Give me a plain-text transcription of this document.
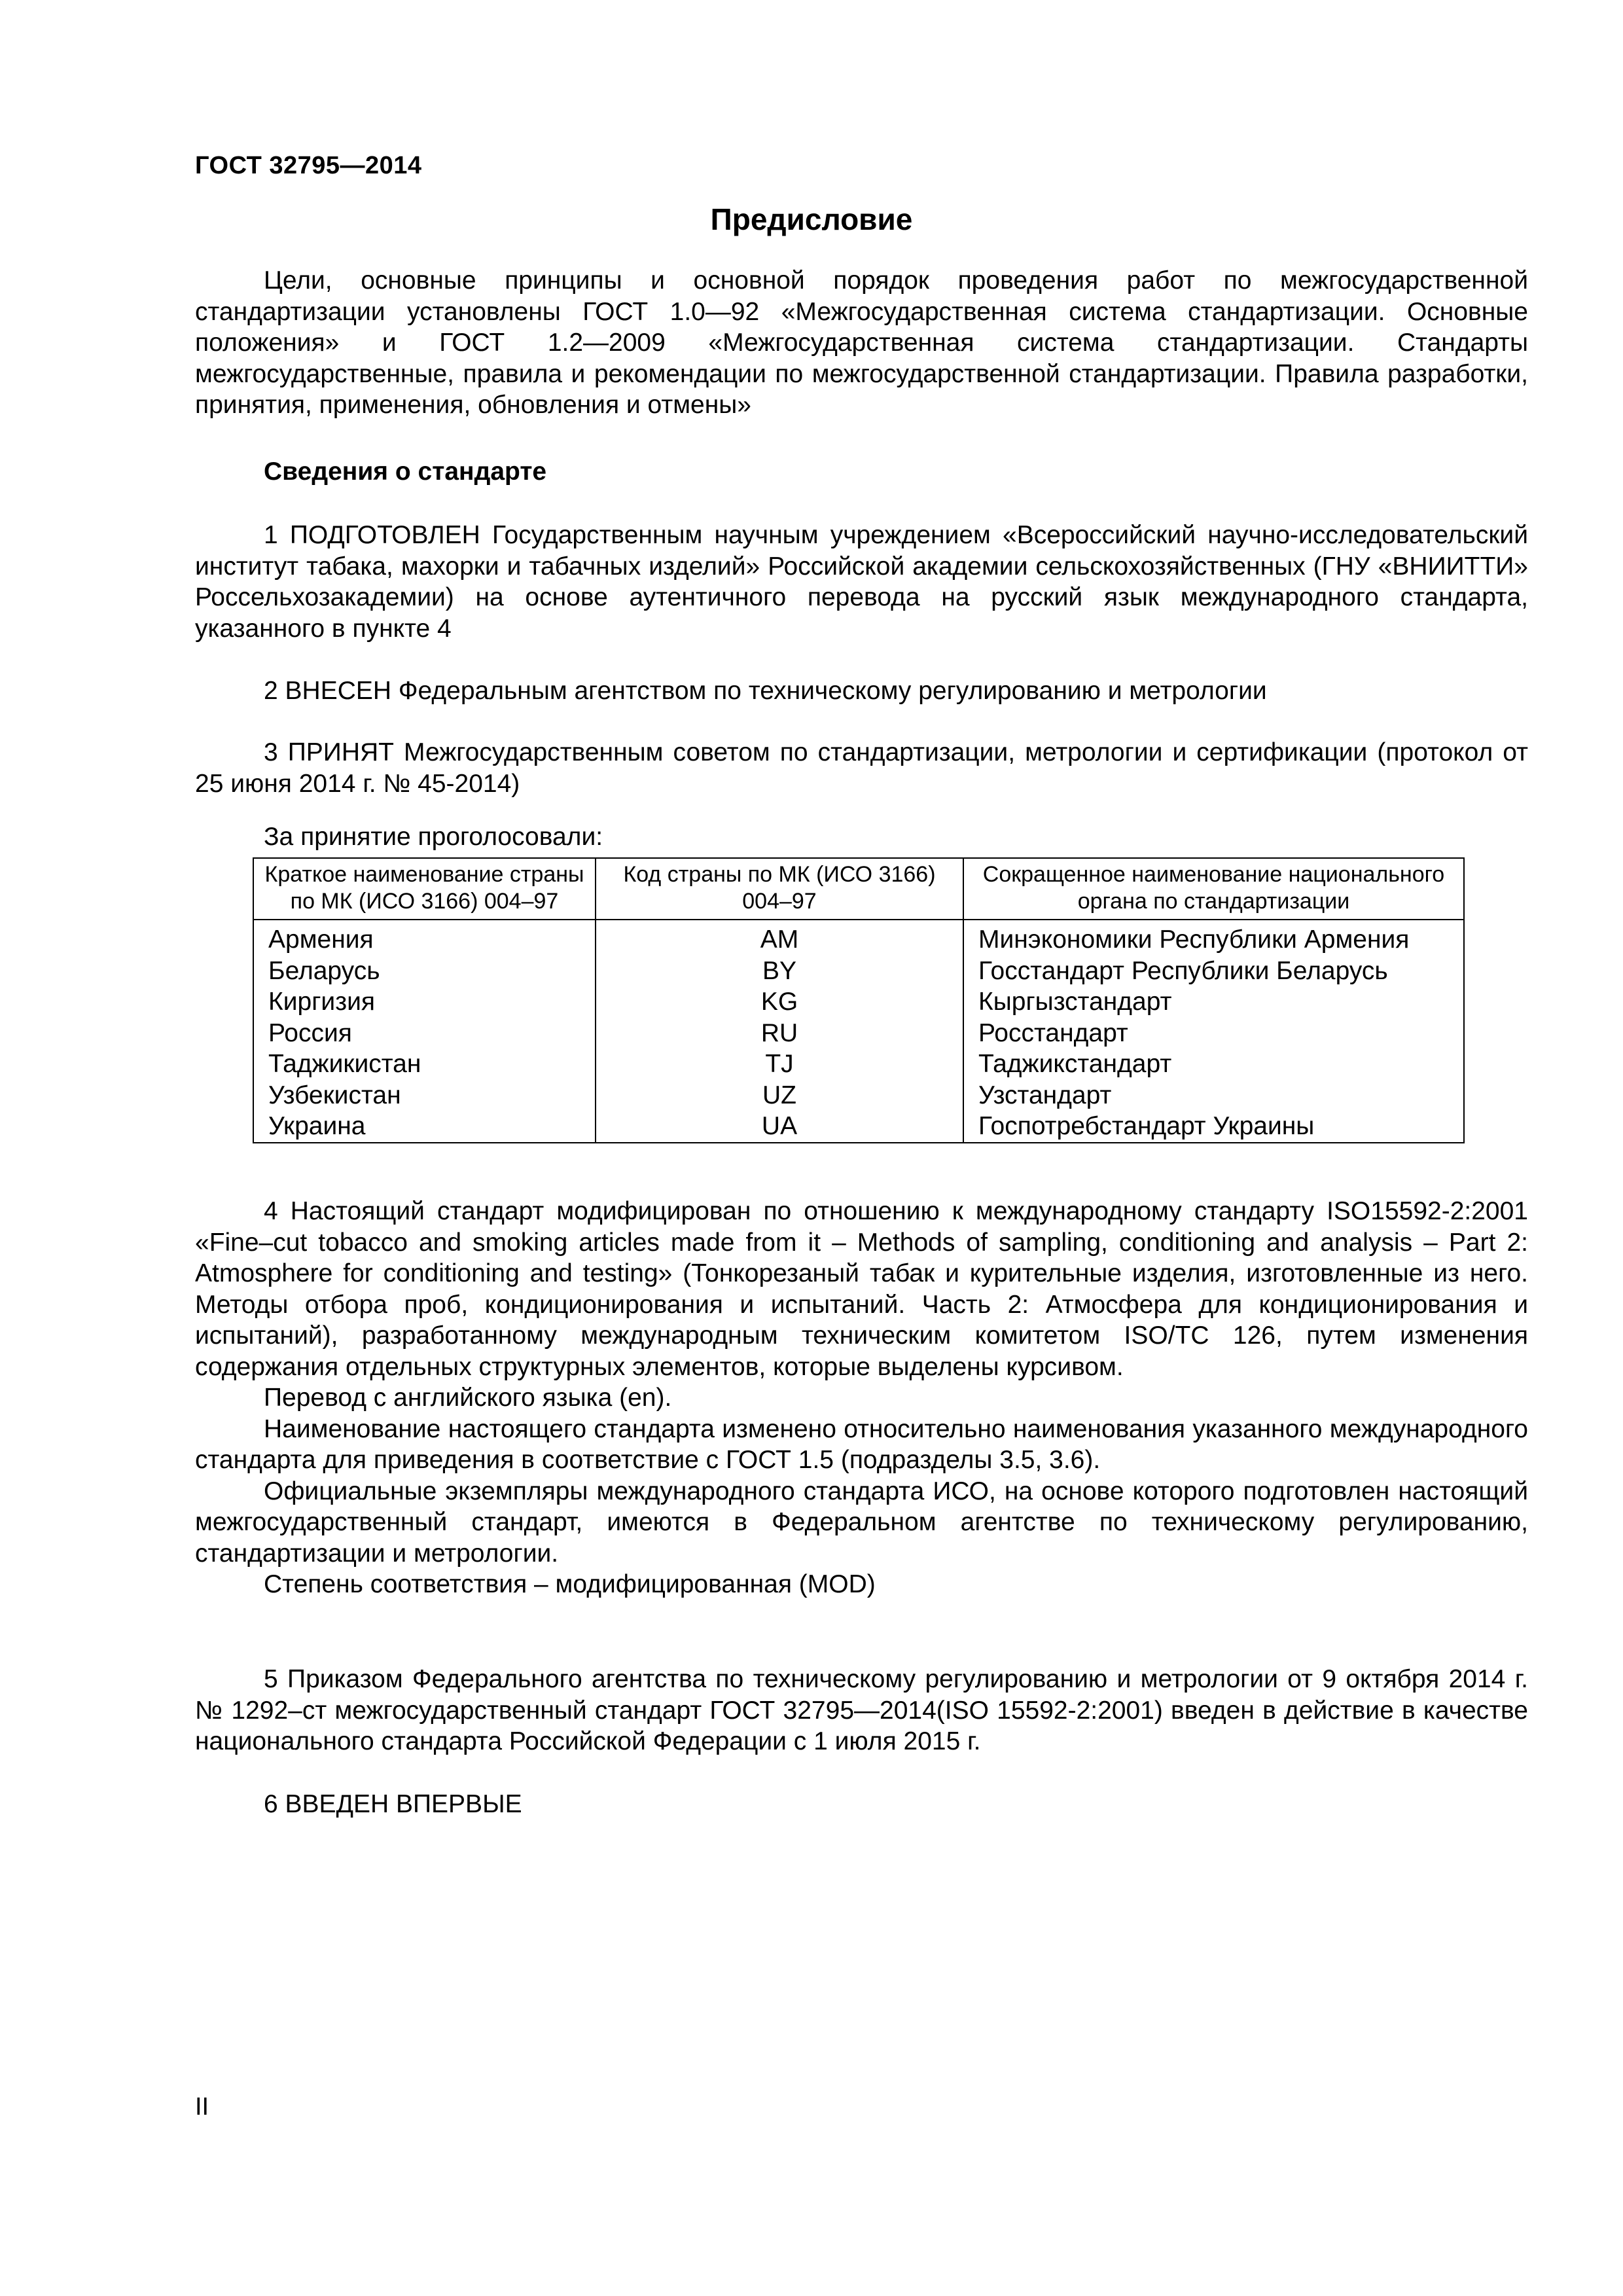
ГОСТ 32795—2014
Предисловие

Цели, основные принципы и основной порядок проведения работ по межгосударственной стандартизации установлены ГОСТ 1.0—92 «Межгосударственная система стандартизации. Основные положения» и ГОСТ 1.2—2009 «Межгосударственная система стандартизации. Стандарты межгосударственные, правила и рекомендации по межгосударственной стандартизации. Правила разработки, принятия, применения, обновления и отмены»

Сведения о стандарте

1 ПОДГОТОВЛЕН Государственным научным учреждением «Всероссийский научно-исследовательский институт табака, махорки и табачных изделий» Российской академии сельскохозяйственных (ГНУ «ВНИИТТИ» Россельхозакадемии) на основе аутентичного перевода на русский язык международного стандарта, указанного в пункте 4

2 ВНЕСЕН Федеральным агентством по техническому регулированию и метрологии

3 ПРИНЯТ Межгосударственным советом по стандартизации, метрологии и сертификации (протокол от 25 июня 2014 г. № 45-2014)

За принятие проголосовали:
Краткое наименование страны по МК (ИСО 3166) 004–97	Код страны по МК (ИСО 3166) 004–97	Сокращенное наименование национального органа по стандартизации
Армения	AM	Минэкономики Республики Армения
Беларусь	BY	Госстандарт Республики Беларусь
Киргизия	KG	Кыргызстандарт
Россия	RU	Росстандарт
Таджикистан	TJ	Таджикстандарт
Узбекистан	UZ	Узстандарт
Украина	UA	Госпотребстандарт Украины

4 Настоящий стандарт модифицирован по отношению к международному стандарту ISO15592-2:2001 «Fine–cut tobacco and smoking articles made from it – Methods of sampling, conditioning and analysis – Part 2: Atmosphere for conditioning and testing» (Тонкорезаный табак и курительные изделия, изготовленные из него. Методы отбора проб, кондиционирования и испытаний. Часть 2: Атмосфера для кондиционирования и испытаний), разработанному международным техническим комитетом ISO/TC 126, путем изменения содержания отдельных структурных элементов, которые выделены курсивом.

Перевод с английского языка (en).

Наименование настоящего стандарта изменено относительно наименования указанного международного стандарта для приведения в соответствие с ГОСТ 1.5 (подразделы 3.5, 3.6).

Официальные экземпляры международного стандарта ИСО, на основе которого подготовлен настоящий межгосударственный стандарт, имеются в Федеральном агентстве по техническому регулированию, стандартизации и метрологии.

Степень соответствия – модифицированная (MOD)

5 Приказом Федерального агентства по техническому регулированию и метрологии от 9 октября 2014 г. № 1292–ст межгосударственный стандарт ГОСТ 32795—2014(ISO 15592-2:2001) введен в действие в качестве национального стандарта Российской Федерации с 1 июля 2015 г.

6 ВВЕДЕН ВПЕРВЫЕ

II
